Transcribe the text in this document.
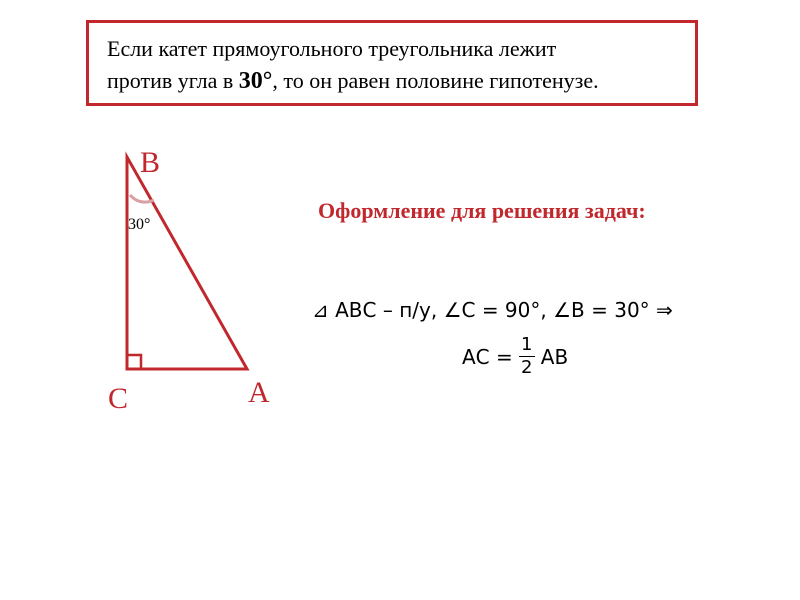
Если катет прямоугольного треугольника лежит
против угла в 30°, то он равен половине гипотенузе.
B
C	A
30°
Оформление для решения задач:
⊿ АВС – п/у, ∠C = 90°, ∠B = 30° ⇒
АС = $\frac{1}{2}$ АВ
